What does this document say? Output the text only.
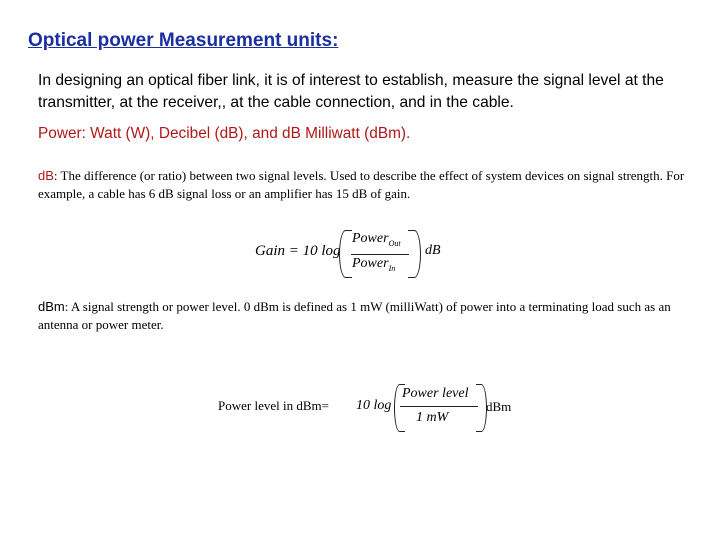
Optical power Measurement units:
In designing an optical fiber link, it is of interest to establish, measure the signal level at the transmitter, at the receiver,, at the cable connection, and in the cable.
Power: Watt (W), Decibel (dB), and dB Milliwatt (dBm).
dB: The difference (or ratio) between two signal levels. Used to describe the effect of system devices on signal strength. For example, a cable has 6 dB signal loss or an amplifier has 15 dB of gain.
Gain = 10 log
Power$_{Out}$
Power$_{In}$
dB
dBm: A signal strength or power level. 0 dBm is defined as 1 mW (milliWatt) of power into a terminating load such as an antenna or power meter.
Power level in dBm= 10 log
Power level
1 mW
dBm
